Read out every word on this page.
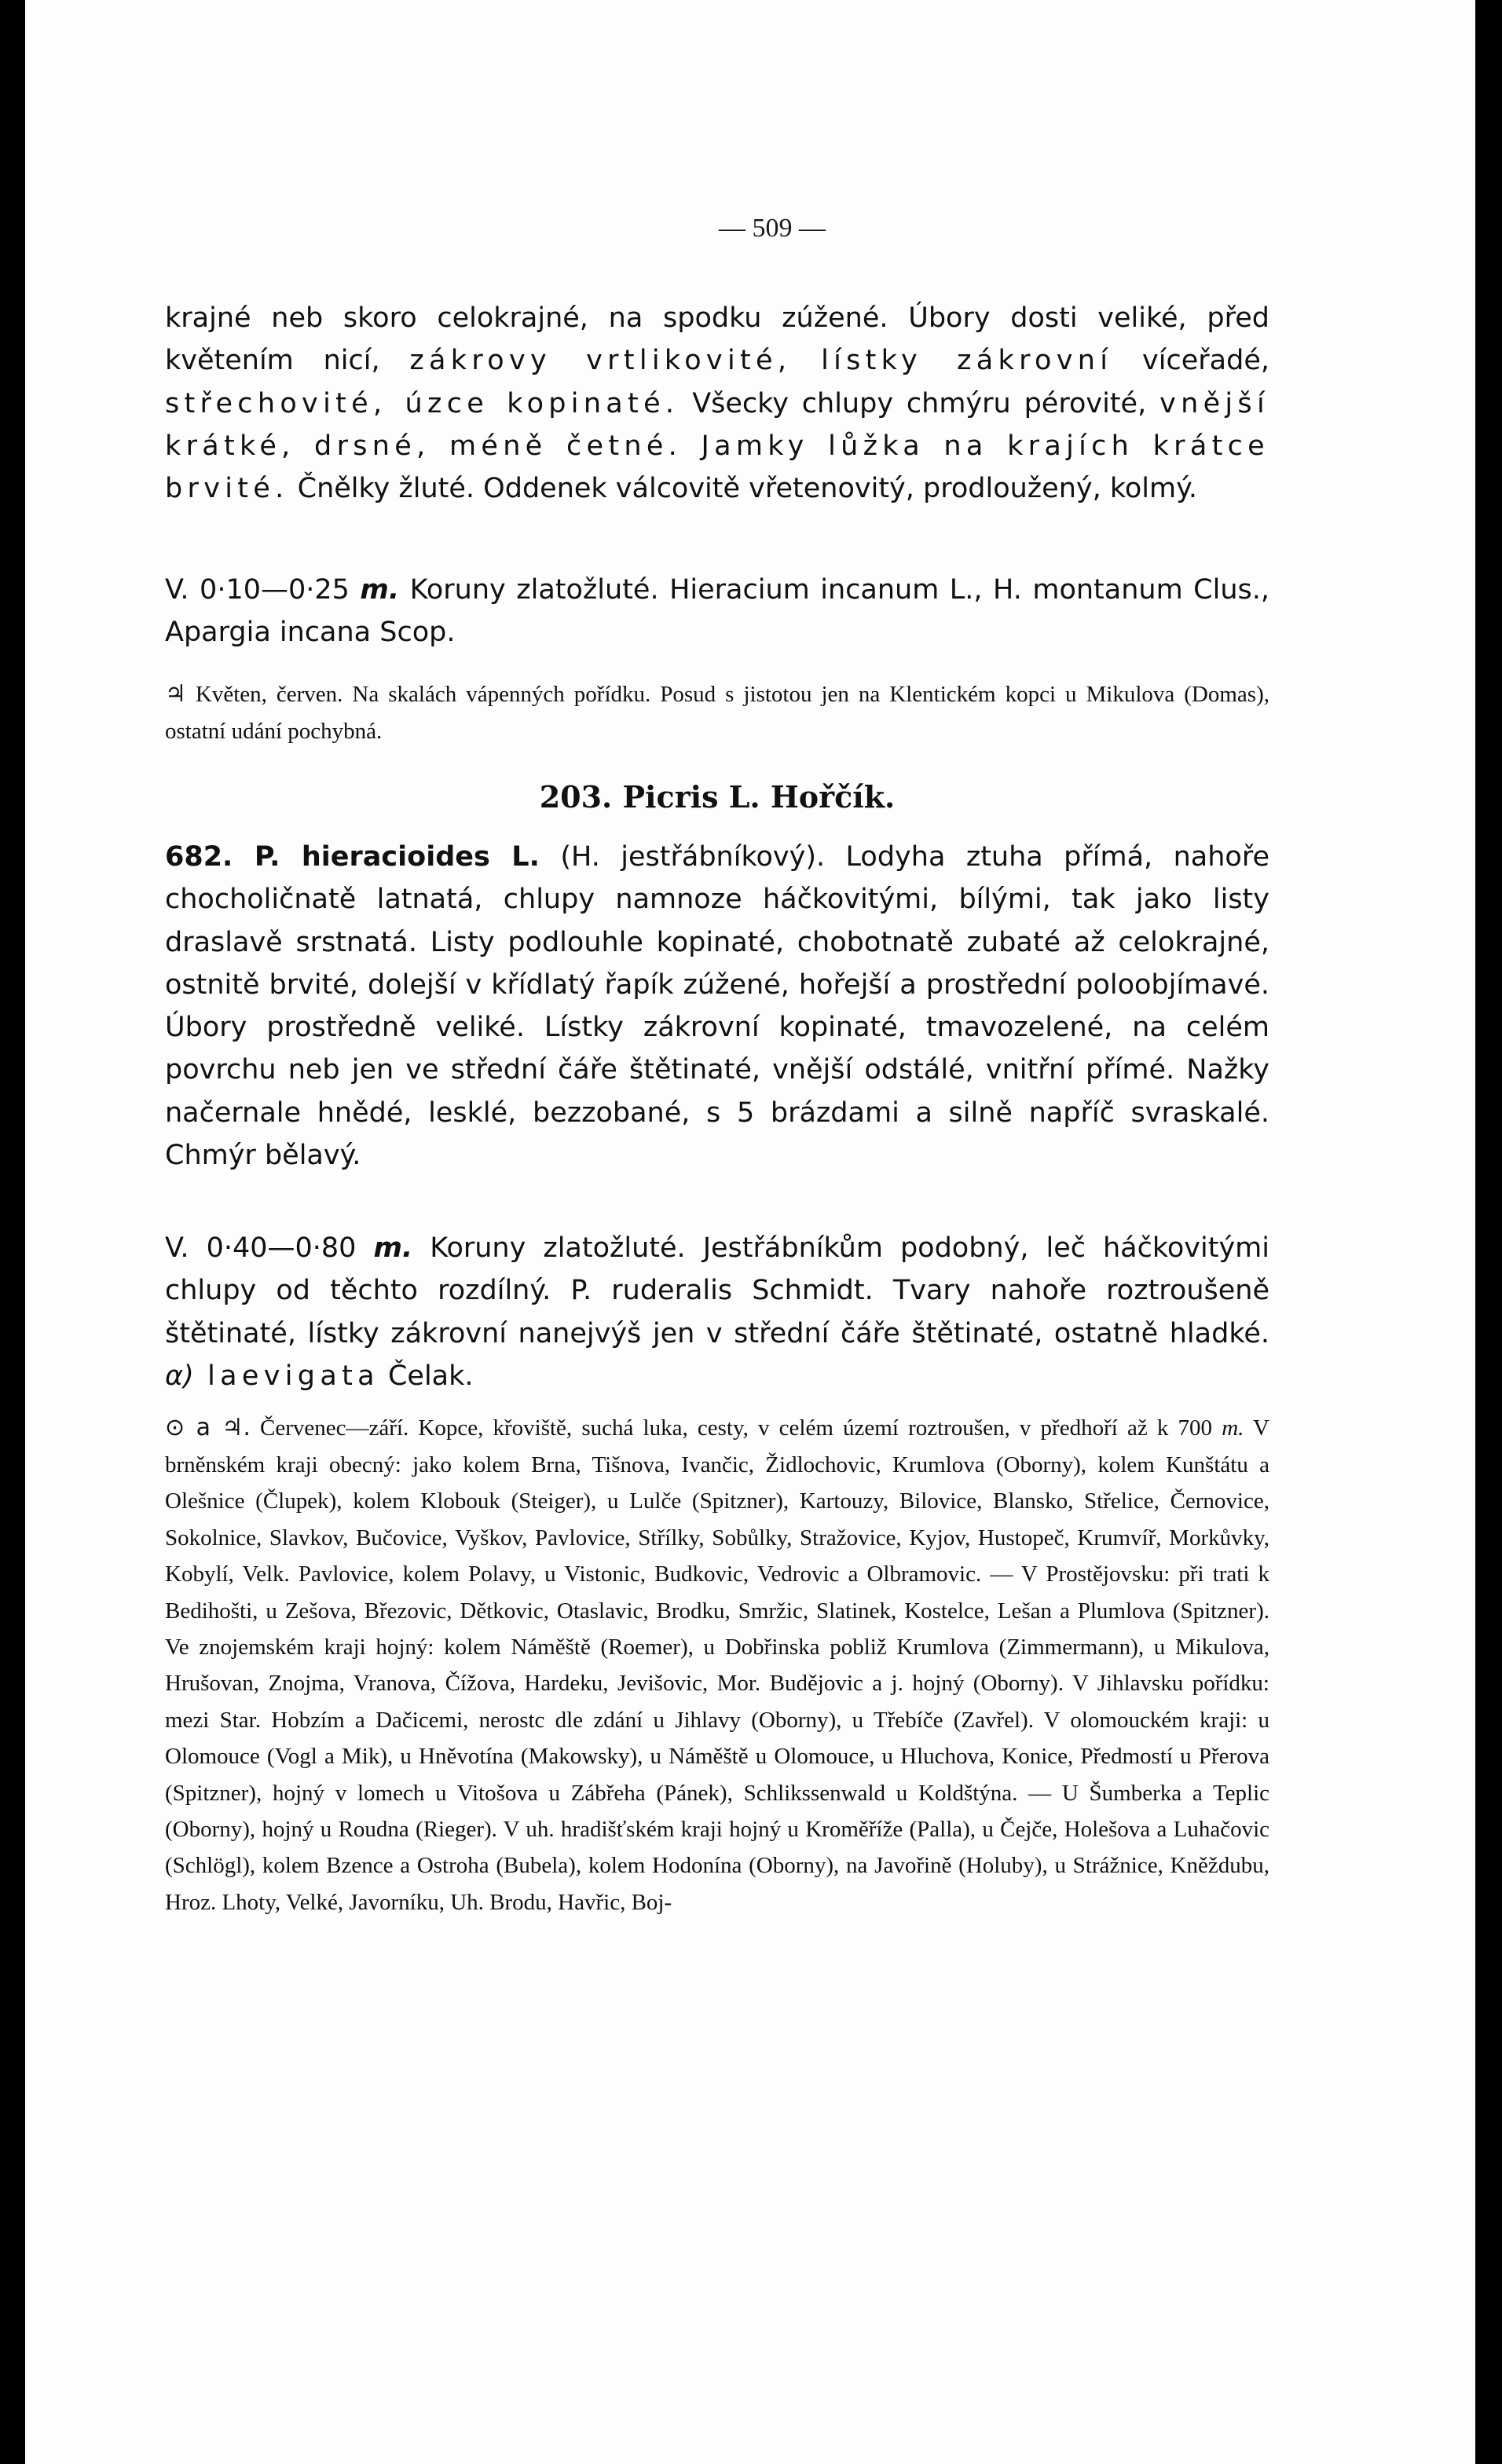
— 509 —
krajné neb skoro celokrajné, na spodku zúžené. Úbory dosti veliké, před květením nicí, zákrovy vrtlikovité, lístky zákrovní víceřadé, střechovité, úzce kopinaté. Všecky chlupy chmýru pérovité, vnější krátké, drsné, méně četné. Jamky lůžka na krajích krátce brvité. Čnělky žluté. Oddenek válcovitě vřetenovitý, prodloužený, kolmý.
V. 0·10—0·25 m. Koruny zlatožluté. Hieracium incanum L., H. montanum Clus., Apargia incana Scop.
♃ Květen, červen. Na skalách vápenných pořídku. Posud s jistotou jen na Klentickém kopci u Mikulova (Domas), ostatní udání pochybná.
203. Picris L. Hořčík.
682. P. hieracioides L. (H. jestřábníkový). Lodyha ztuha přímá, nahoře chocholičnatě latnatá, chlupy namnoze háčkovitými, bílými, tak jako listy draslavě srstnatá. Listy podlouhle kopinaté, chobotnatě zubaté až celokrajné, ostnitě brvité, dolejší v křídlatý řapík zúžené, hořejší a prostřední poloobjímavé. Úbory prostředně veliké. Lístky zákrovní kopinaté, tmavozelené, na celém povrchu neb jen ve střední čáře štětinaté, vnější odstálé, vnitřní přímé. Nažky načernale hnědé, lesklé, bezzobané, s 5 brázdami a silně napříč svraskalé. Chmýr bělavý.
V. 0·40—0·80 m. Koruny zlatožluté. Jestřábníkům podobný, leč háčkovitými chlupy od těchto rozdílný. P. ruderalis Schmidt. Tvary nahoře roztroušeně štětinaté, lístky zákrovní nanejvýš jen v střední čáře štětinaté, ostatně hladké. α) laevigata Čelak.
⊙ a ♃. Červenec—září. Kopce, křoviště, suchá luka, cesty, v celém území roztroušen, v předhoří až k 700 m. V brněnském kraji obecný: jako kolem Brna, Tišnova, Ivančic, Židlochovic, Krumlova (Oborny), kolem Kunštátu a Olešnice (Člupek), kolem Klobouk (Steiger), u Lulče (Spitzner), Kartouzy, Bilovice, Blansko, Střelice, Černovice, Sokolnice, Slavkov, Bučovice, Vyškov, Pavlovice, Střílky, Sobůlky, Stražovice, Kyjov, Hustopeč, Krumvíř, Morkůvky, Kobylí, Velk. Pavlovice, kolem Polavy, u Vistonic, Budkovic, Vedrovic a Olbramovic. — V Prostějovsku: při trati k Bedihošti, u Zešova, Březovic, Dětkovic, Otaslavic, Brodku, Smržic, Slatinek, Kostelce, Lešan a Plumlova (Spitzner). Ve znojemském kraji hojný: kolem Náměště (Roemer), u Dobřinska pobliž Krumlova (Zimmermann), u Mikulova, Hrušovan, Znojma, Vranova, Čížova, Hardeku, Jevišovic, Mor. Budějovic a j. hojný (Oborny). V Jihlavsku pořídku: mezi Star. Hobzím a Dačicemi, nerostc dle zdání u Jihlavy (Oborny), u Třebíče (Zavřel). V olomouckém kraji: u Olomouce (Vogl a Mik), u Hněvotína (Makowsky), u Náměště u Olomouce, u Hluchova, Konice, Předmostí u Přerova (Spitzner), hojný v lomech u Vitošova u Zábřeha (Pánek), Schlikssenwald u Koldštýna. — U Šumberka a Teplic (Oborny), hojný u Roudna (Rieger). V uh. hradišťském kraji hojný u Kroměříže (Palla), u Čejče, Holešova a Luhačovic (Schlögl), kolem Bzence a Ostroha (Bubela), kolem Hodonína (Oborny), na Javořině (Holuby), u Strážnice, Kněždubu, Hroz. Lhoty, Velké, Javorníku, Uh. Brodu, Havřic, Boj-
